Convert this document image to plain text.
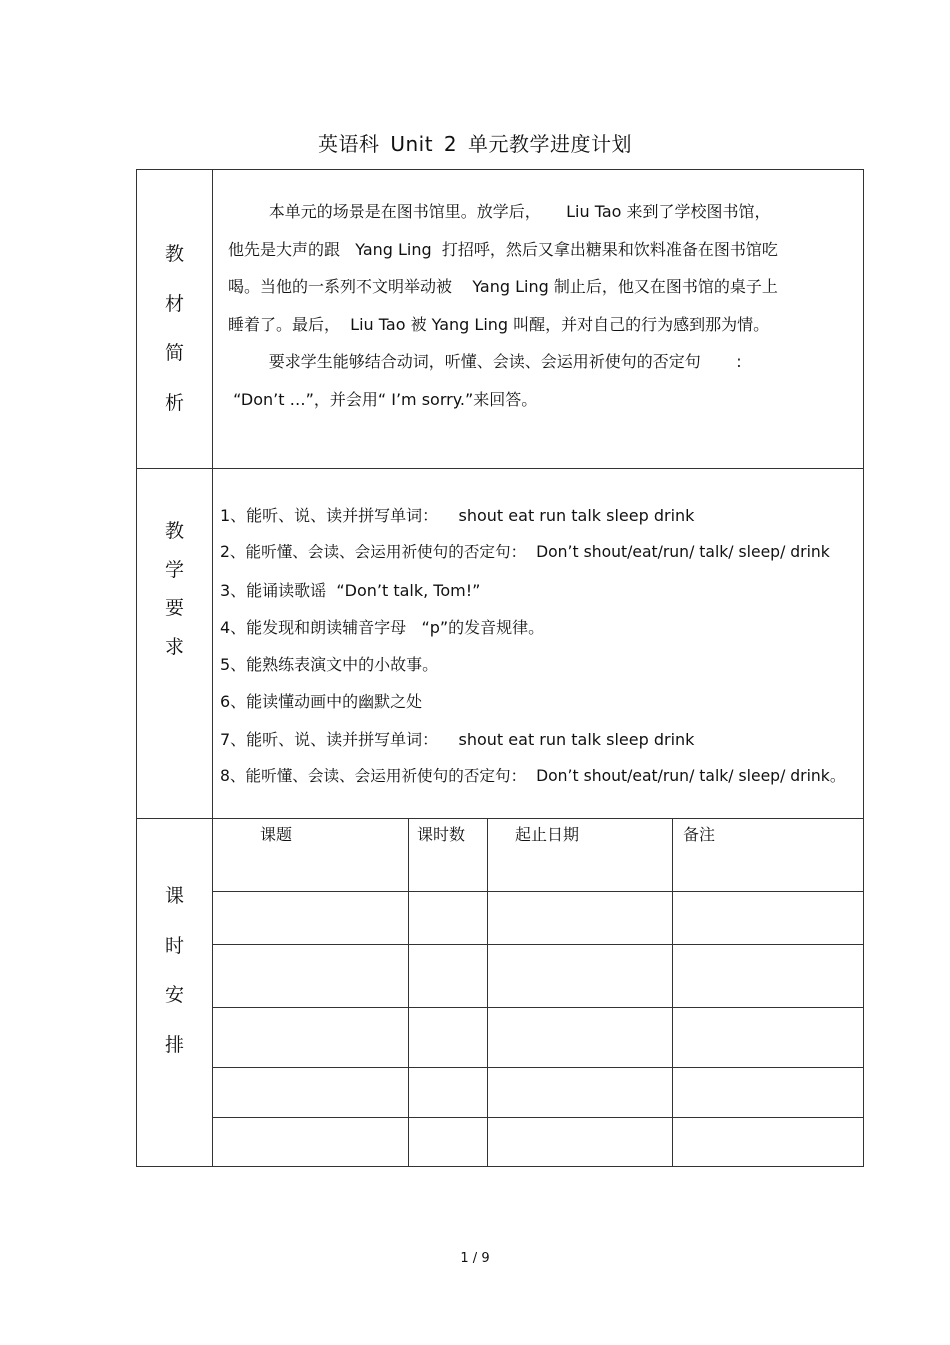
英语科 Unit 2 单元教学进度计划
教
材
简
析

本单元的场景是在图书馆里。放学后，     Liu Tao 来到了学校图书馆，

他先是大声的跟   Yang Ling  打招呼，然后又拿出糖果和饮料准备在图书馆吃

喝。当他的一系列不文明举动被    Yang Ling 制止后，他又在图书馆的桌子上

睡着了。最后，  Liu Tao 被 Yang Ling 叫醒，并对自己的行为感到那为情。

要求学生能够结合动词，听懂、会读、会运用祈使句的否定句       :

“Don’t …”，并会用“ I’m sorry.”来回答。

教
学
要
求
1、能听、说、读并拼写单词：    shout eat run talk sleep drink
2、能听懂、会读、会运用祈使句的否定句：  Don’t shout/eat/run/ talk/ sleep/ drink
3、能诵读歌谣  “Don’t talk, Tom!”
4、能发现和朗读辅音字母   “p”的发音规律。
5、能熟练表演文中的小故事。
6、能读懂动画中的幽默之处
7、能听、说、读并拼写单词：    shout eat run talk sleep drink
8、能听懂、会读、会运用祈使句的否定句：  Don’t shout/eat/run/ talk/ sleep/ drink。
课
时
安
排
课题	课时数	起止日期	备注
1 / 9
